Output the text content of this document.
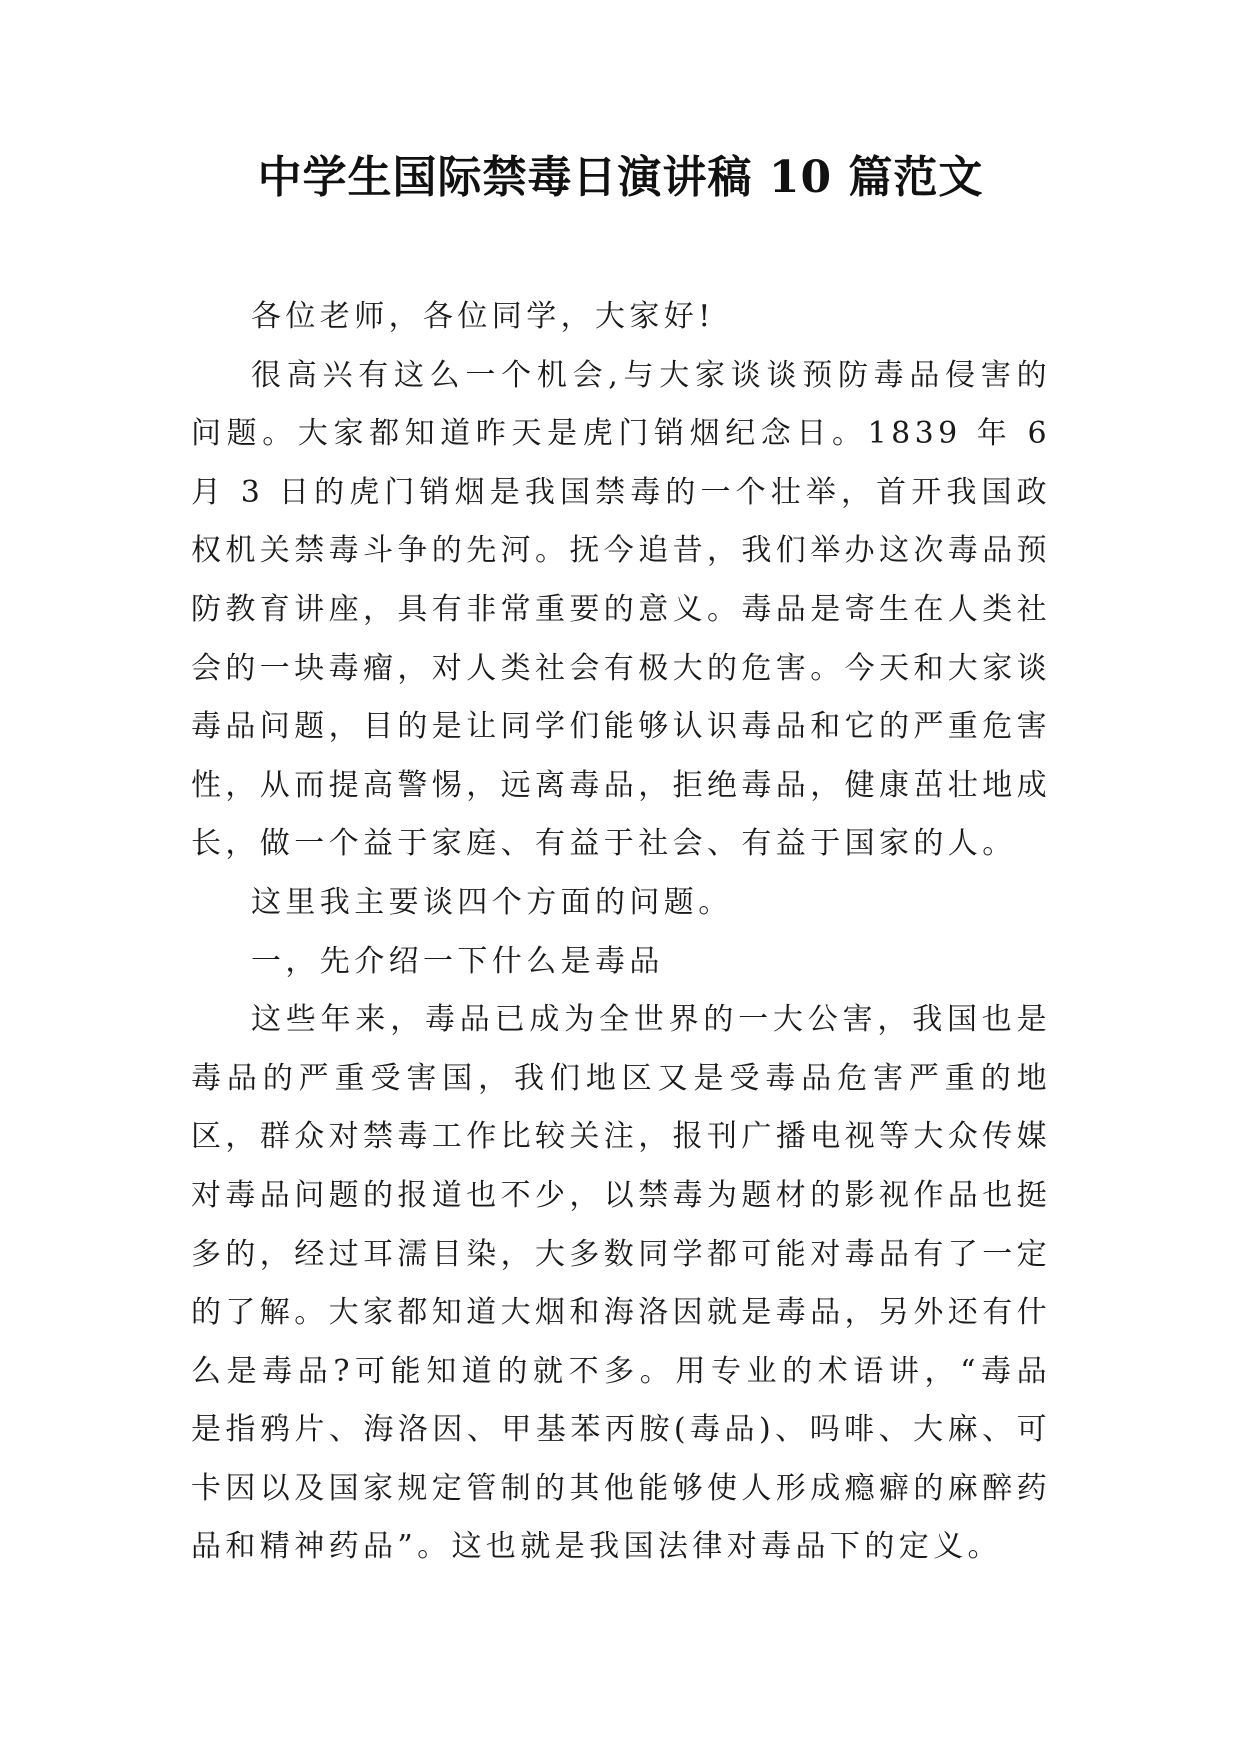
中学生国际禁毒日演讲稿 10 篇范文

各位老师，各位同学，大家好!

很高兴有这么一个机会,与大家谈谈预防毒品侵害的问题。大家都知道昨天是虎门销烟纪念日。1839 年 6 月 3 日的虎门销烟是我国禁毒的一个壮举，首开我国政权机关禁毒斗争的先河。抚今追昔，我们举办这次毒品预防教育讲座，具有非常重要的意义。毒品是寄生在人类社会的一块毒瘤，对人类社会有极大的危害。今天和大家谈毒品问题，目的是让同学们能够认识毒品和它的严重危害性，从而提高警惕，远离毒品，拒绝毒品，健康茁壮地成长，做一个益于家庭、有益于社会、有益于国家的人。

这里我主要谈四个方面的问题。

一，先介绍一下什么是毒品

这些年来，毒品已成为全世界的一大公害，我国也是毒品的严重受害国，我们地区又是受毒品危害严重的地区，群众对禁毒工作比较关注，报刊广播电视等大众传媒对毒品问题的报道也不少，以禁毒为题材的影视作品也挺多的，经过耳濡目染，大多数同学都可能对毒品有了一定的了解。大家都知道大烟和海洛因就是毒品，另外还有什么是毒品?可能知道的就不多。用专业的术语讲，“毒品是指鸦片、海洛因、甲基苯丙胺(毒品)、吗啡、大麻、可卡因以及国家规定管制的其他能够使人形成瘾癖的麻醉药品和精神药品”。这也就是我国法律对毒品下的定义。
